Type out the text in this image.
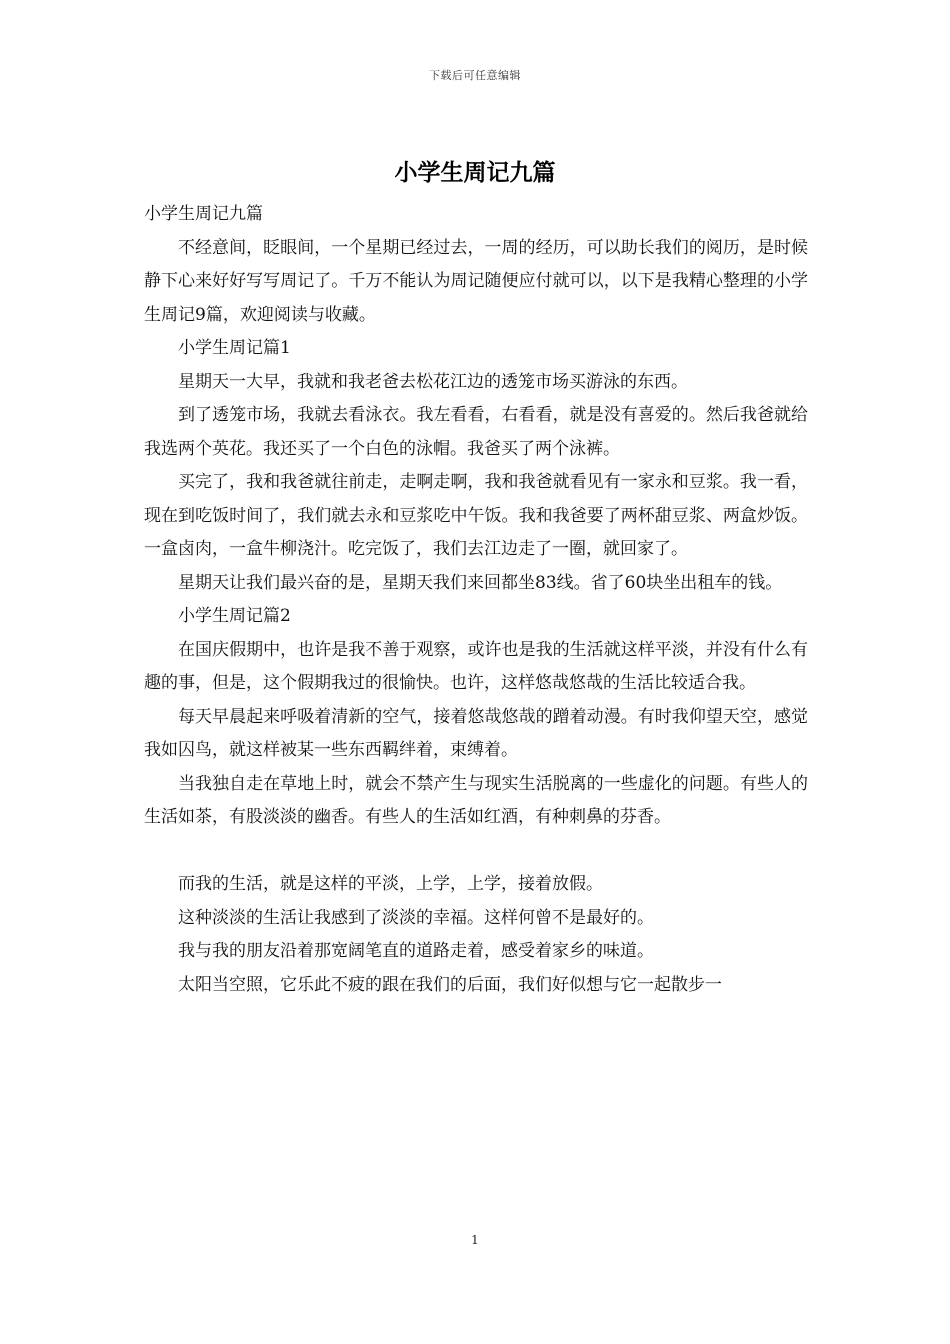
下载后可任意编辑
小学生周记九篇

小学生周记九篇

不经意间，眨眼间，一个星期已经过去，一周的经历，可以助长我们的阅历，是时候静下心来好好写写周记了。千万不能认为周记随便应付就可以，以下是我精心整理的小学生周记9篇，欢迎阅读与收藏。

小学生周记篇1

星期天一大早，我就和我老爸去松花江边的透笼市场买游泳的东西。

到了透笼市场，我就去看泳衣。我左看看，右看看，就是没有喜爱的。然后我爸就给我选两个英花。我还买了一个白色的泳帽。我爸买了两个泳裤。

买完了，我和我爸就往前走，走啊走啊，我和我爸就看见有一家永和豆浆。我一看，现在到吃饭时间了，我们就去永和豆浆吃中午饭。我和我爸要了两杯甜豆浆、两盒炒饭。一盒卤肉，一盒牛柳浇汁。吃完饭了，我们去江边走了一圈，就回家了。

星期天让我们最兴奋的是，星期天我们来回都坐83线。省了60块坐出租车的钱。

小学生周记篇2

在国庆假期中，也许是我不善于观察，或许也是我的生活就这样平淡，并没有什么有趣的事，但是，这个假期我过的很愉快。也许，这样悠哉悠哉的生活比较适合我。

每天早晨起来呼吸着清新的空气，接着悠哉悠哉的蹭着动漫。有时我仰望天空，感觉我如囚鸟，就这样被某一些东西羁绊着，束缚着。

当我独自走在草地上时，就会不禁产生与现实生活脱离的一些虚化的问题。有些人的生活如茶，有股淡淡的幽香。有些人的生活如红酒，有种刺鼻的芬香。

而我的生活，就是这样的平淡，上学，上学，接着放假。

这种淡淡的生活让我感到了淡淡的幸福。这样何曾不是最好的。

我与我的朋友沿着那宽阔笔直的道路走着，感受着家乡的味道。

太阳当空照，它乐此不疲的跟在我们的后面，我们好似想与它一起散步一

1
